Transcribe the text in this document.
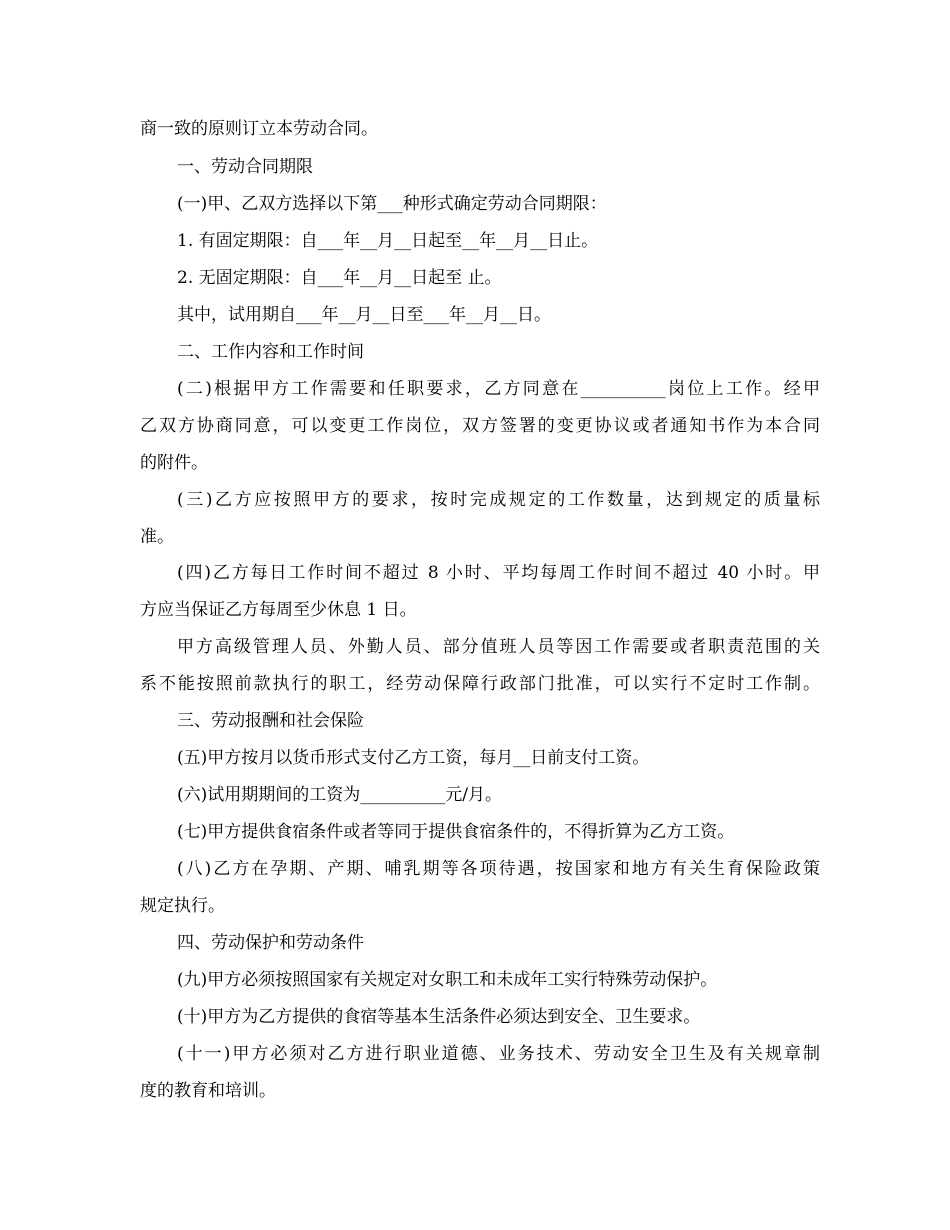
商一致的原则订立本劳动合同。
一、劳动合同期限
(一)甲、乙双方选择以下第___种形式确定劳动合同期限：
1. 有固定期限：自___年__月__日起至__年__月__日止。
2. 无固定期限：自___年__月__日起至 止。
其中，试用期自___年__月__日至___年__月__日。
二、工作内容和工作时间
(二)根据甲方工作需要和任职要求，乙方同意在__________岗位上工作。经甲
乙双方协商同意，可以变更工作岗位，双方签署的变更协议或者通知书作为本合同
的附件。
(三)乙方应按照甲方的要求，按时完成规定的工作数量，达到规定的质量标
准。
(四)乙方每日工作时间不超过 8 小时、平均每周工作时间不超过 40 小时。甲
方应当保证乙方每周至少休息 1 日。
甲方高级管理人员、外勤人员、部分值班人员等因工作需要或者职责范围的关
系不能按照前款执行的职工，经劳动保障行政部门批准，可以实行不定时工作制。
三、劳动报酬和社会保险
(五)甲方按月以货币形式支付乙方工资，每月__日前支付工资。
(六)试用期期间的工资为__________元/月。
(七)甲方提供食宿条件或者等同于提供食宿条件的，不得折算为乙方工资。
(八)乙方在孕期、产期、哺乳期等各项待遇，按国家和地方有关生育保险政策
规定执行。
四、劳动保护和劳动条件
(九)甲方必须按照国家有关规定对女职工和未成年工实行特殊劳动保护。
(十)甲方为乙方提供的食宿等基本生活条件必须达到安全、卫生要求。
(十一)甲方必须对乙方进行职业道德、业务技术、劳动安全卫生及有关规章制
度的教育和培训。
